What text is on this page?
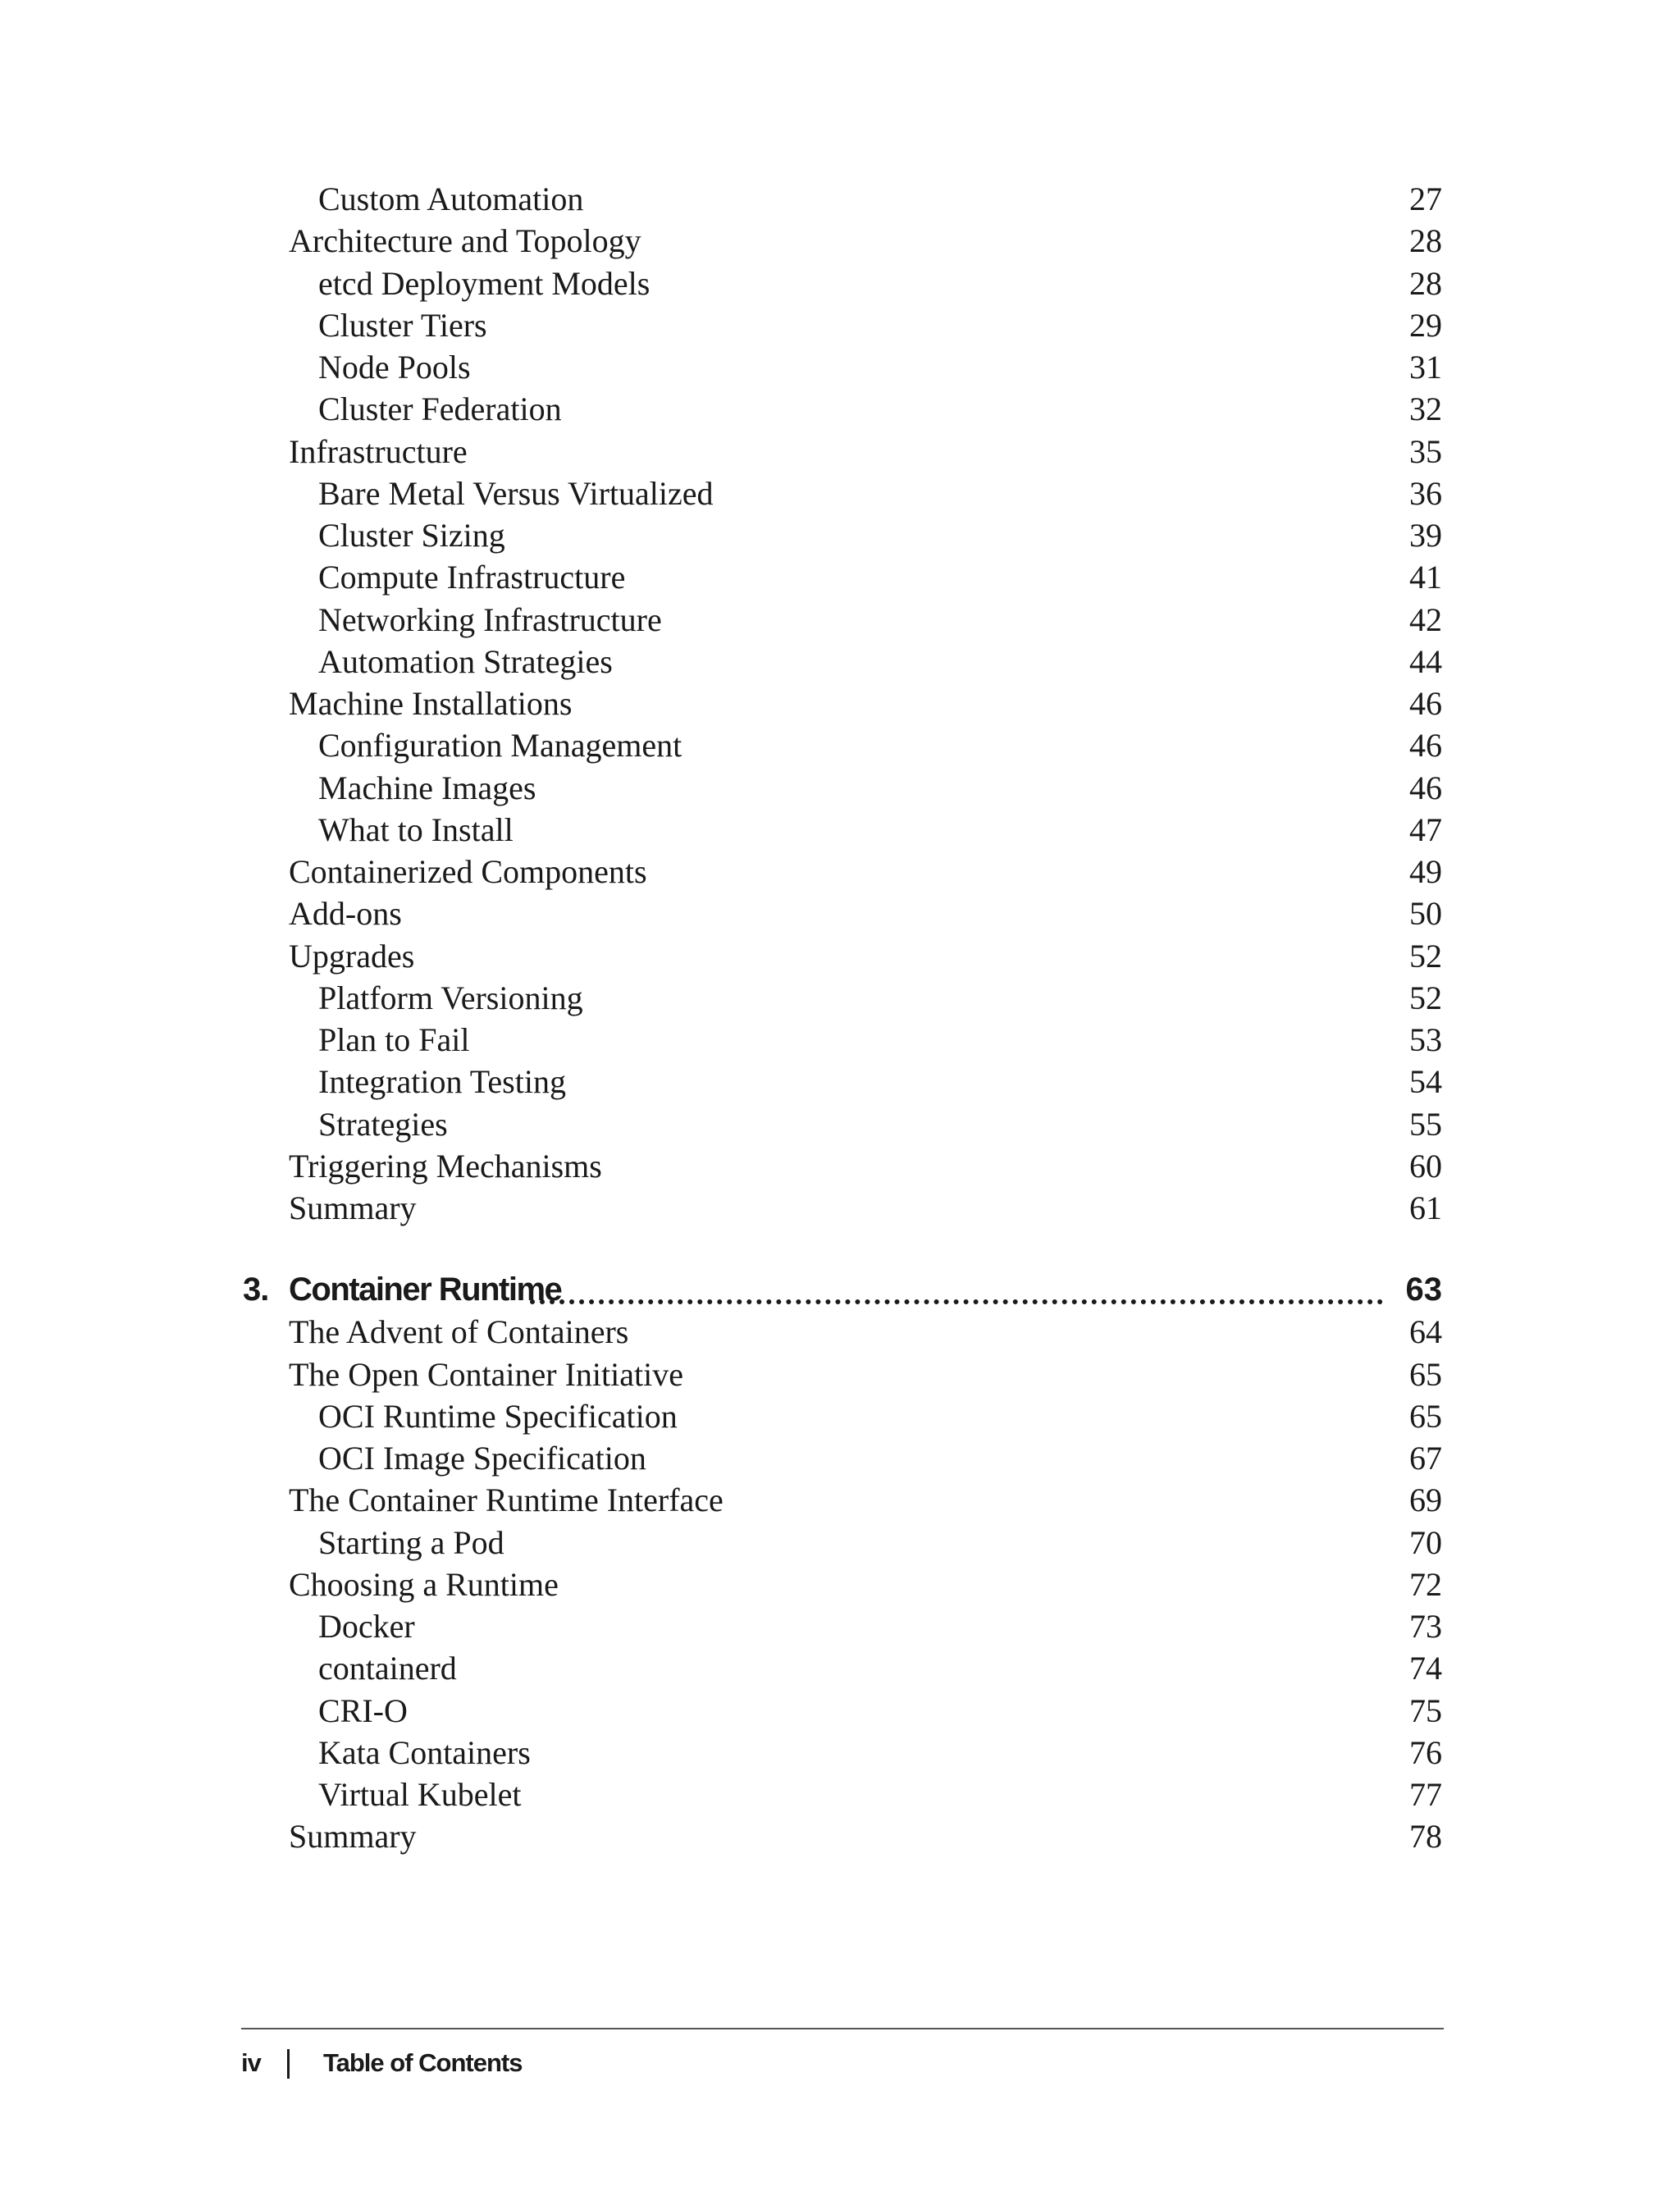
Custom Automation	27
Architecture and Topology	28
etcd Deployment Models	28
Cluster Tiers	29
Node Pools	31
Cluster Federation	32
Infrastructure	35
Bare Metal Versus Virtualized	36
Cluster Sizing	39
Compute Infrastructure	41
Networking Infrastructure	42
Automation Strategies	44
Machine Installations	46
Configuration Management	46
Machine Images	46
What to Install	47
Containerized Components	49
Add-ons	50
Upgrades	52
Platform Versioning	52
Plan to Fail	53
Integration Testing	54
Strategies	55
Triggering Mechanisms	60
Summary	61
3. Container Runtime	63
The Advent of Containers	64
The Open Container Initiative	65
OCI Runtime Specification	65
OCI Image Specification	67
The Container Runtime Interface	69
Starting a Pod	70
Choosing a Runtime	72
Docker	73
containerd	74
CRI-O	75
Kata Containers	76
Virtual Kubelet	77
Summary	78
iv Table of Contents
